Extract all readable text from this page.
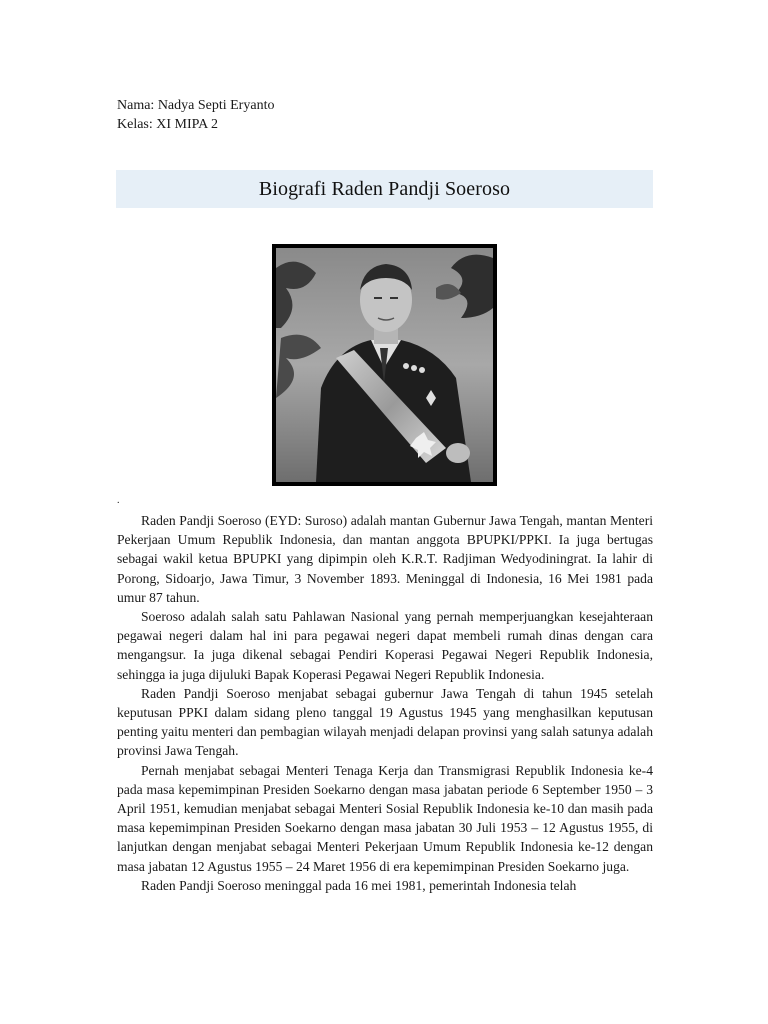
Nama: Nadya Septi Eryanto
Kelas: XI MIPA 2
Biografi Raden Pandji Soeroso
.

Raden Pandji Soeroso (EYD: Suroso) adalah mantan Gubernur Jawa Tengah, mantan Menteri Pekerjaan Umum Republik Indonesia, dan mantan anggota BPUPKI/PPKI. Ia juga bertugas sebagai wakil ketua BPUPKI yang dipimpin oleh K.R.T. Radjiman Wedyodiningrat. Ia lahir di Porong, Sidoarjo, Jawa Timur, 3 November 1893. Meninggal di Indonesia, 16 Mei 1981 pada umur 87 tahun.

Soeroso adalah salah satu Pahlawan Nasional yang pernah memperjuangkan kesejahteraan pegawai negeri dalam hal ini para pegawai negeri dapat membeli rumah dinas dengan cara mengangsur. Ia juga dikenal sebagai Pendiri Koperasi Pegawai Negeri Republik Indonesia, sehingga ia juga dijuluki Bapak Koperasi Pegawai Negeri Republik Indonesia.

Raden Pandji Soeroso menjabat sebagai gubernur Jawa Tengah di tahun 1945 setelah keputusan PPKI dalam sidang pleno tanggal 19 Agustus 1945 yang menghasilkan keputusan penting yaitu menteri dan pembagian wilayah menjadi delapan provinsi yang salah satunya adalah provinsi Jawa Tengah.

Pernah menjabat sebagai Menteri Tenaga Kerja dan Transmigrasi Republik Indonesia ke-4 pada masa kepemimpinan Presiden Soekarno dengan masa jabatan periode 6 September 1950 – 3 April 1951, kemudian menjabat sebagai Menteri Sosial Republik Indonesia ke-10 dan masih pada masa kepemimpinan Presiden Soekarno dengan masa jabatan 30 Juli 1953 – 12 Agustus 1955, di lanjutkan dengan menjabat sebagai Menteri Pekerjaan Umum Republik Indonesia ke-12 dengan masa jabatan 12 Agustus 1955 – 24 Maret 1956 di era kepemimpinan Presiden Soekarno juga.

Raden Pandji Soeroso meninggal pada 16 mei 1981, pemerintah Indonesia telah
